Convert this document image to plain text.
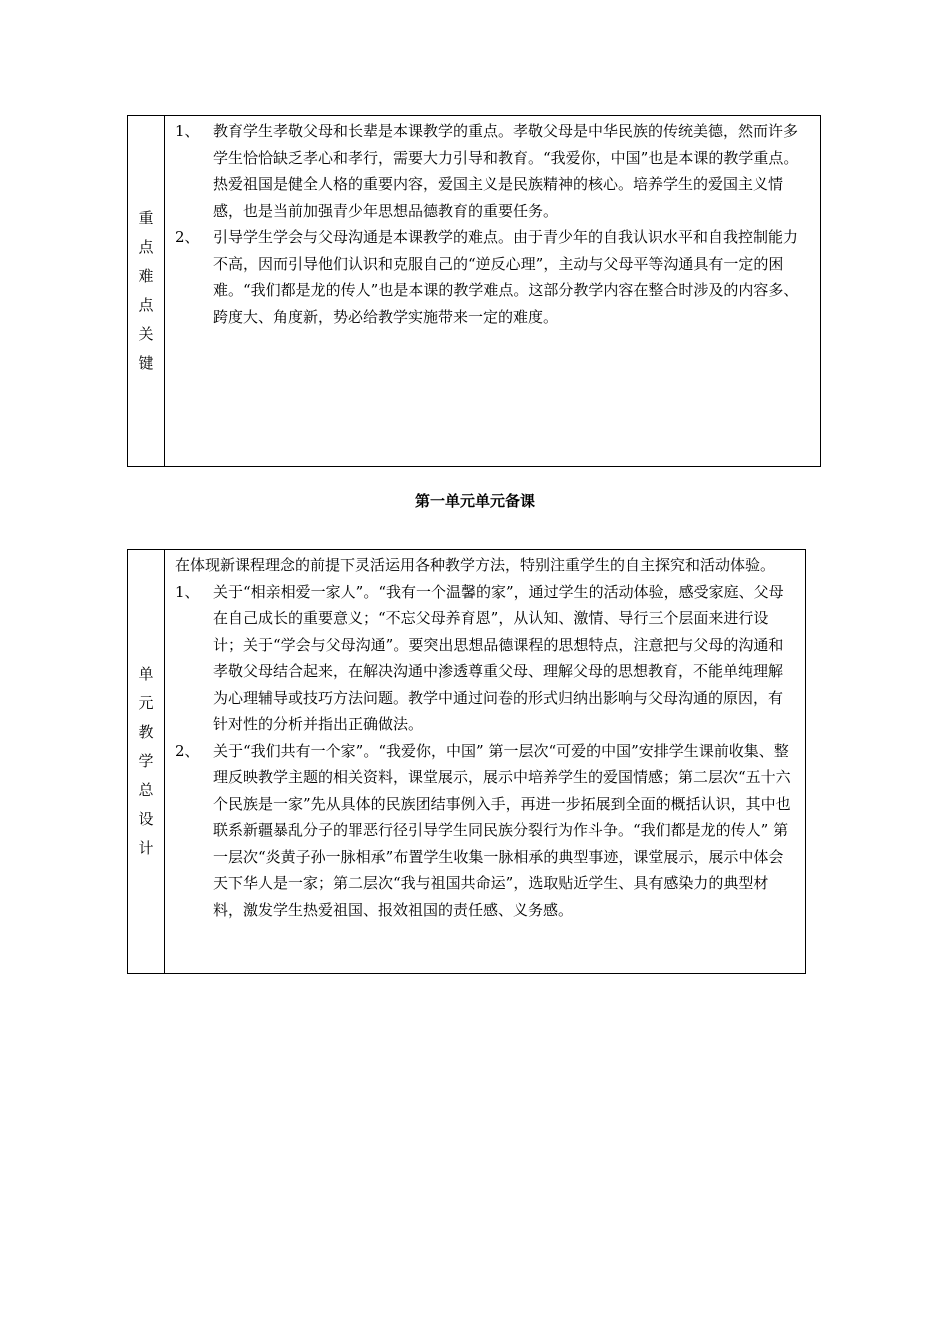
重点难点关键
1、 教育学生孝敬父母和长辈是本课教学的重点。孝敬父母是中华民族的传统美德，然而许多学生恰恰缺乏孝心和孝行，需要大力引导和教育。“我爱你，中国”也是本课的教学重点。热爱祖国是健全人格的重要内容，爱国主义是民族精神的核心。培养学生的爱国主义情感，也是当前加强青少年思想品德教育的重要任务。
2、 引导学生学会与父母沟通是本课教学的难点。由于青少年的自我认识水平和自我控制能力不高，因而引导他们认识和克服自己的“逆反心理”，主动与父母平等沟通具有一定的困难。“我们都是龙的传人”也是本课的教学难点。这部分教学内容在整合时涉及的内容多、跨度大、角度新，势必给教学实施带来一定的难度。
第一单元单元备课
单元教学总设计
在体现新课程理念的前提下灵活运用各种教学方法，特别注重学生的自主探究和活动体验。
1、 关于“相亲相爱一家人”。“我有一个温馨的家”，通过学生的活动体验，感受家庭、父母在自己成长的重要意义；“不忘父母养育恩”，从认知、激情、导行三个层面来进行设计；关于“学会与父母沟通”。要突出思想品德课程的思想特点，注意把与父母的沟通和孝敬父母结合起来，在解决沟通中渗透尊重父母、理解父母的思想教育，不能单纯理解为心理辅导或技巧方法问题。教学中通过问卷的形式归纳出影响与父母沟通的原因，有针对性的分析并指出正确做法。
2、 关于“我们共有一个家”。“我爱你，中国” 第一层次“可爱的中国”安排学生课前收集、整理反映教学主题的相关资料，课堂展示，展示中培养学生的爱国情感；第二层次“五十六个民族是一家”先从具体的民族团结事例入手，再进一步拓展到全面的概括认识，其中也联系新疆暴乱分子的罪恶行径引导学生同民族分裂行为作斗争。“我们都是龙的传人” 第一层次“炎黄子孙一脉相承”布置学生收集一脉相承的典型事迹，课堂展示，展示中体会天下华人是一家；第二层次“我与祖国共命运”，选取贴近学生、具有感染力的典型材料，激发学生热爱祖国、报效祖国的责任感、义务感。
